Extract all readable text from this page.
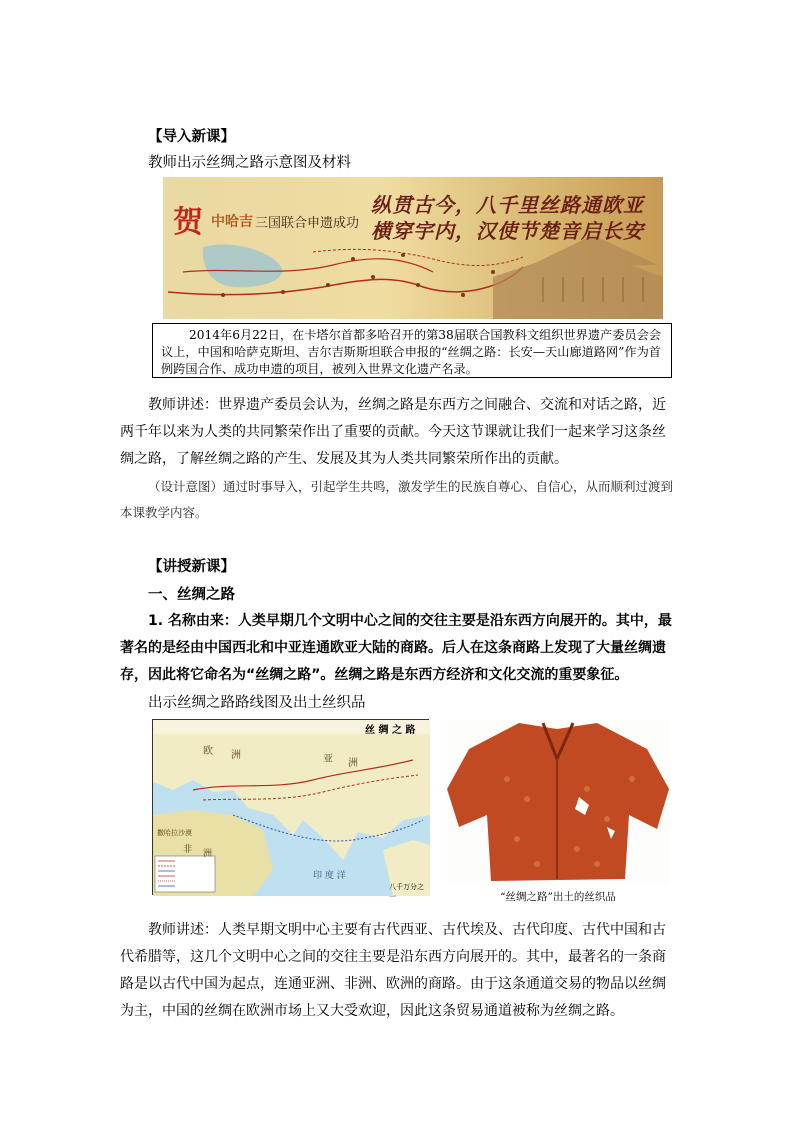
【导入新课】
教师出示丝绸之路示意图及材料
贺 中哈吉 三国联合申遗成功
纵贯古今，八千里丝路通欧亚
横穿宇内，汉使节楚音启长安
2014年6月22日，在卡塔尔首都多哈召开的第38届联合国教科文组织世界遗产委员会会议上，中国和哈萨克斯坦、吉尔吉斯斯坦联合申报的“丝绸之路：长安—天山廊道路网”作为首例跨国合作、成功申遗的项目，被列入世界文化遗产名录。
教师讲述：世界遗产委员会认为，丝绸之路是东西方之间融合、交流和对话之路，近两千年以来为人类的共同繁荣作出了重要的贡献。今天这节课就让我们一起来学习这条丝绸之路，了解丝绸之路的产生、发展及其为人类共同繁荣所作出的贡献。
（设计意图）通过时事导入，引起学生共鸣，激发学生的民族自尊心、自信心，从而顺利过渡到本课教学内容。
【讲授新课】
一、丝绸之路
1. 名称由来：人类早期几个文明中心之间的交往主要是沿东西方向展开的。其中，最著名的是经由中国西北和中亚连通欧亚大陆的商路。后人在这条商路上发现了大量丝绸遗存，因此将它命名为“丝绸之路”。丝绸之路是东西方经济和文化交流的重要象征。
出示丝绸之路路线图及出土丝织品
丝 绸 之 路
欧 洲	亚 洲
撒哈拉沙漠
非 洲
印 度 洋
八千万分之一	“丝绸之路”出土的丝织品
教师讲述：人类早期文明中心主要有古代西亚、古代埃及、古代印度、古代中国和古代希腊等，这几个文明中心之间的交往主要是沿东西方向展开的。其中，最著名的一条商路是以古代中国为起点，连通亚洲、非洲、欧洲的商路。由于这条通道交易的物品以丝绸为主，中国的丝绸在欧洲市场上又大受欢迎，因此这条贸易通道被称为丝绸之路。
